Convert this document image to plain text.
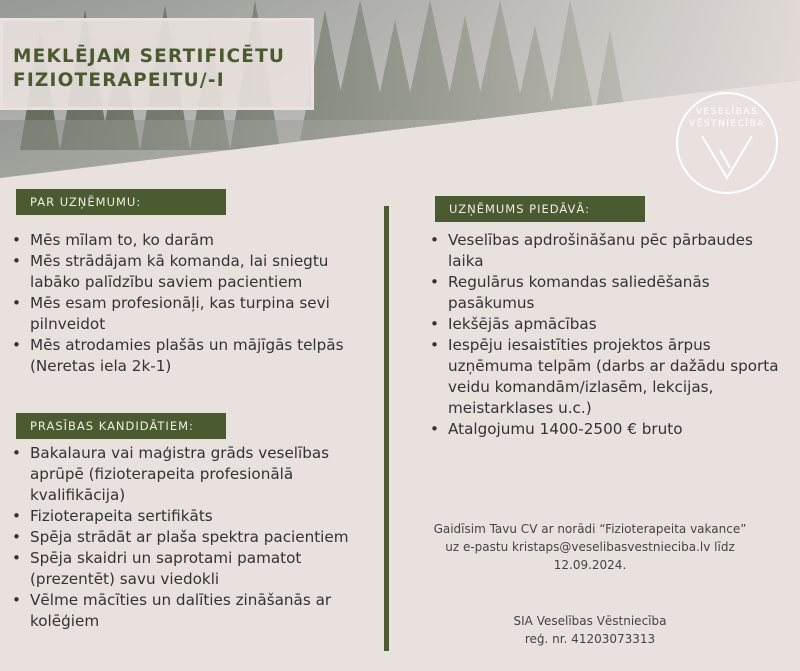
MEKLĒJAM SERTIFICĒTU
FIZIOTERAPEITU/-I
VESELĪBAS
VĒSTNIECĪBA
PAR UZŅĒMUMU:
• Mēs mīlam to, ko darām
• Mēs strādājam kā komanda, lai sniegtu labāko palīdzību saviem pacientiem
• Mēs esam profesionāļi, kas turpina sevi pilnveidot
• Mēs atrodamies plašās un mājīgās telpās (Neretas iela 2k-1)
PRASĪBAS KANDIDĀTIEM:
• Bakalaura vai maģistra grāds veselības aprūpē (fizioterapeita profesionālā kvalifikācija)
• Fizioterapeita sertifikāts
• Spēja strādāt ar plaša spektra pacientiem
• Spēja skaidri un saprotami pamatot (prezentēt) savu viedokli
• Vēlme mācīties un dalīties zināšanās ar kolēģiem
UZŅĒMUMS PIEDĀVĀ:
• Veselības apdrošināšanu pēc pārbaudes laika
• Regulārus komandas saliedēšanās pasākumus
• Iekšējās apmācības
• Iespēju iesaistīties projektos ārpus uzņēmuma telpām (darbs ar dažādu sporta veidu komandām/izlasēm, lekcijas, meistarklases u.c.)
• Atalgojumu 1400-2500 € bruto
Gaidīsim Tavu CV ar norādi “Fizioterapeita vakance”
uz e-pastu kristaps@veselibasvestnieciba.lv līdz
12.09.2024.
SIA Veselības Vēstniecība
reģ. nr. 41203073313
